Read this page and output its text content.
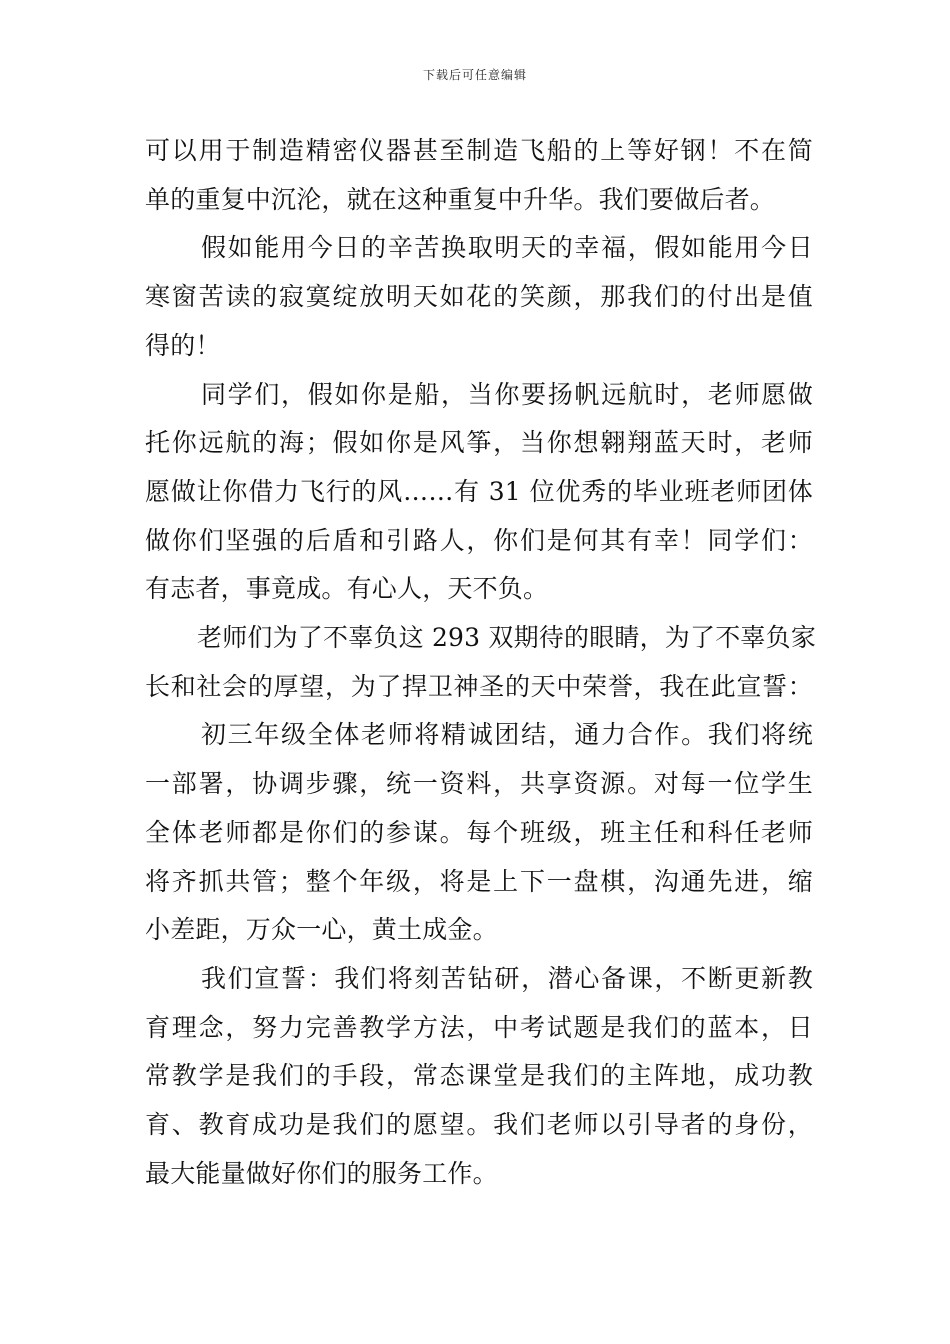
下载后可任意编辑
可以用于制造精密仪器甚至制造飞船的上等好钢！不在简
单的重复中沉沦，就在这种重复中升华。我们要做后者。
假如能用今日的辛苦换取明天的幸福，假如能用今日
寒窗苦读的寂寞绽放明天如花的笑颜，那我们的付出是值
得的！
同学们，假如你是船，当你要扬帆远航时，老师愿做
托你远航的海；假如你是风筝，当你想翱翔蓝天时，老师
愿做让你借力飞行的风……有 31 位优秀的毕业班老师团体
做你们坚强的后盾和引路人，你们是何其有幸！同学们：
有志者，事竟成。有心人，天不负。
老师们为了不辜负这 293 双期待的眼睛，为了不辜负家
长和社会的厚望，为了捍卫神圣的天中荣誉，我在此宣誓：
初三年级全体老师将精诚团结，通力合作。我们将统
一部署，协调步骤，统一资料，共享资源。对每一位学生
全体老师都是你们的参谋。每个班级，班主任和科任老师
将齐抓共管；整个年级，将是上下一盘棋，沟通先进，缩
小差距，万众一心，黄土成金。
我们宣誓：我们将刻苦钻研，潜心备课，不断更新教
育理念，努力完善教学方法，中考试题是我们的蓝本，日
常教学是我们的手段，常态课堂是我们的主阵地，成功教
育、教育成功是我们的愿望。我们老师以引导者的身份，
最大能量做好你们的服务工作。
